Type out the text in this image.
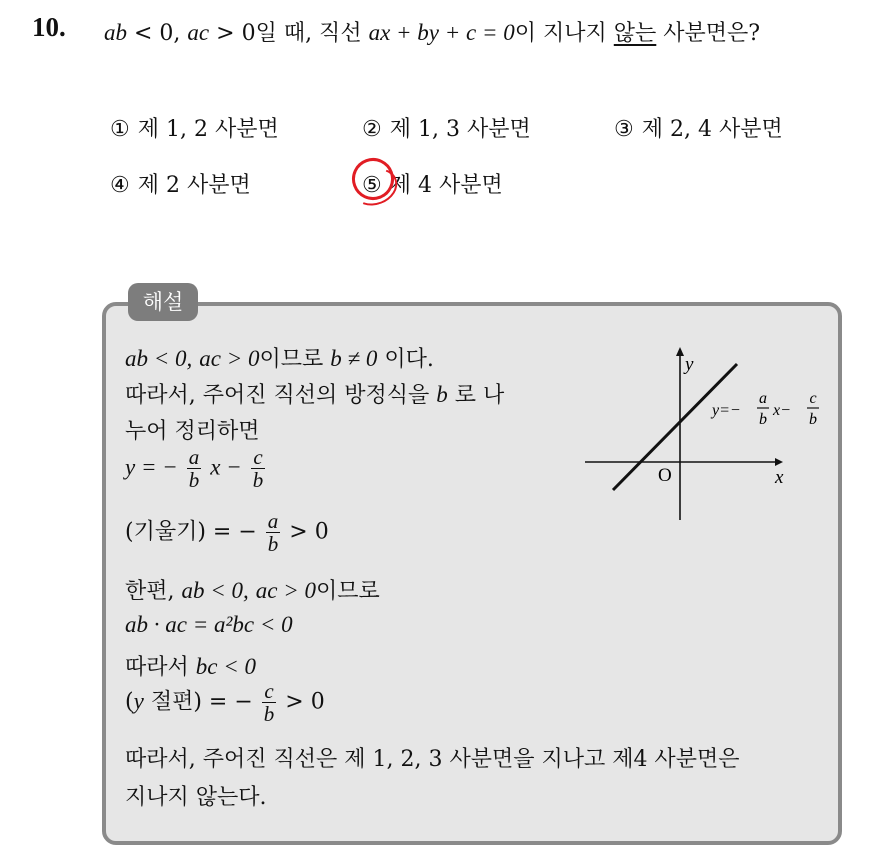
10. ab < 0, ac > 0일 때, 직선 ax + by + c = 0이 지나지 않는 사분면은?
① 제 1, 2 사분면	② 제 1, 3 사분면	③ 제 2, 4 사분면
④ 제 2 사분면	⑤ 제 4 사분면
해설
ab < 0, ac > 0이므로 b ≠ 0 이다.
따라서, 주어진 직선의 방정식을 b 로 나
누어 정리하면
y = − $\frac{a}{b}$ $x - \frac{c}{b}$
(기울기) = − $\frac{a}{b} > 0$
한편, ab < 0, ac > 0이므로
ab · ac = a²bc < 0
따라서 bc < 0
(y 절편) = − $\frac{c}{b} > 0$
따라서, 주어진 직선은 제 1, 2, 3 사분면을 지나고 제4 사분면은
지나지 않는다.
y
x
O
y=−
a
b
x−
c
b
